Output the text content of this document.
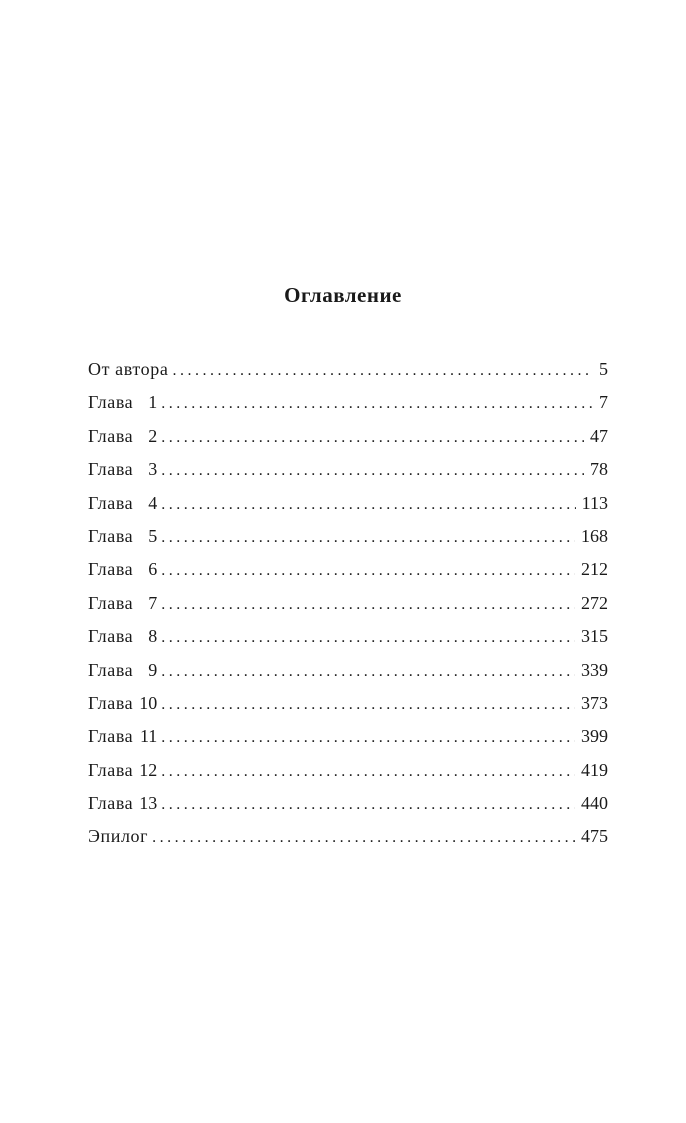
Оглавление
От автора . . .	5
Глава 1 . . .	7
Глава 2 . . .	47
Глава 3 . . .	78
Глава 4 . . .	113
Глава 5 . . .	168
Глава 6 . . .	212
Глава 7 . . .	272
Глава 8 . . .	315
Глава 9 . . .	339
Глава 10 . . .	373
Глава 11 . . .	399
Глава 12 . . .	419
Глава 13 . . .	440
Эпилог . . .	475
